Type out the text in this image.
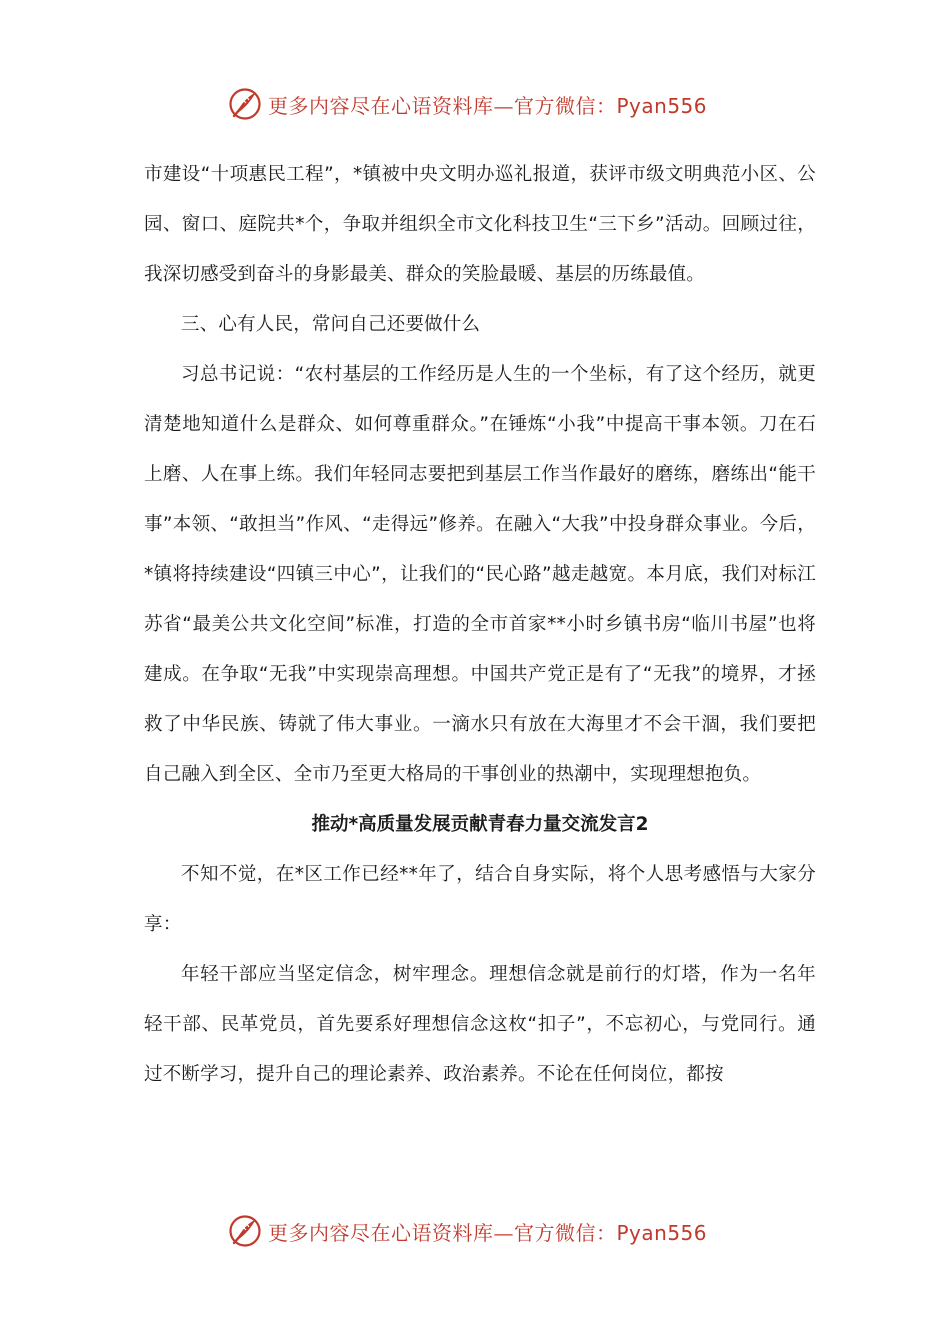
更多内容尽在心语资料库—官方微信：Pyan556

市建设“十项惠民工程”，*镇被中央文明办巡礼报道，获评市级文明典范小区、公园、窗口、庭院共*个，争取并组织全市文化科技卫生“三下乡”活动。回顾过往，我深切感受到奋斗的身影最美、群众的笑脸最暖、基层的历练最值。

三、心有人民，常问自己还要做什么

习总书记说：“农村基层的工作经历是人生的一个坐标，有了这个经历，就更清楚地知道什么是群众、如何尊重群众。”在锤炼“小我”中提高干事本领。刀在石上磨、人在事上练。我们年轻同志要把到基层工作当作最好的磨练，磨练出“能干事”本领、“敢担当”作风、“走得远”修养。在融入“大我”中投身群众事业。今后，*镇将持续建设“四镇三中心”，让我们的“民心路”越走越宽。本月底，我们对标江苏省“最美公共文化空间”标准，打造的全市首家**小时乡镇书房“临川书屋”也将建成。在争取“无我”中实现崇高理想。中国共产党正是有了“无我”的境界，才拯救了中华民族、铸就了伟大事业。一滴水只有放在大海里才不会干涸，我们要把自己融入到全区、全市乃至更大格局的干事创业的热潮中，实现理想抱负。

推动*高质量发展贡献青春力量交流发言2

不知不觉，在*区工作已经**年了，结合自身实际，将个人思考感悟与大家分享：

年轻干部应当坚定信念，树牢理念。理想信念就是前行的灯塔，作为一名年轻干部、民革党员，首先要系好理想信念这枚“扣子”，不忘初心，与党同行。通过不断学习，提升自己的理论素养、政治素养。不论在任何岗位，都按

更多内容尽在心语资料库—官方微信：Pyan556
